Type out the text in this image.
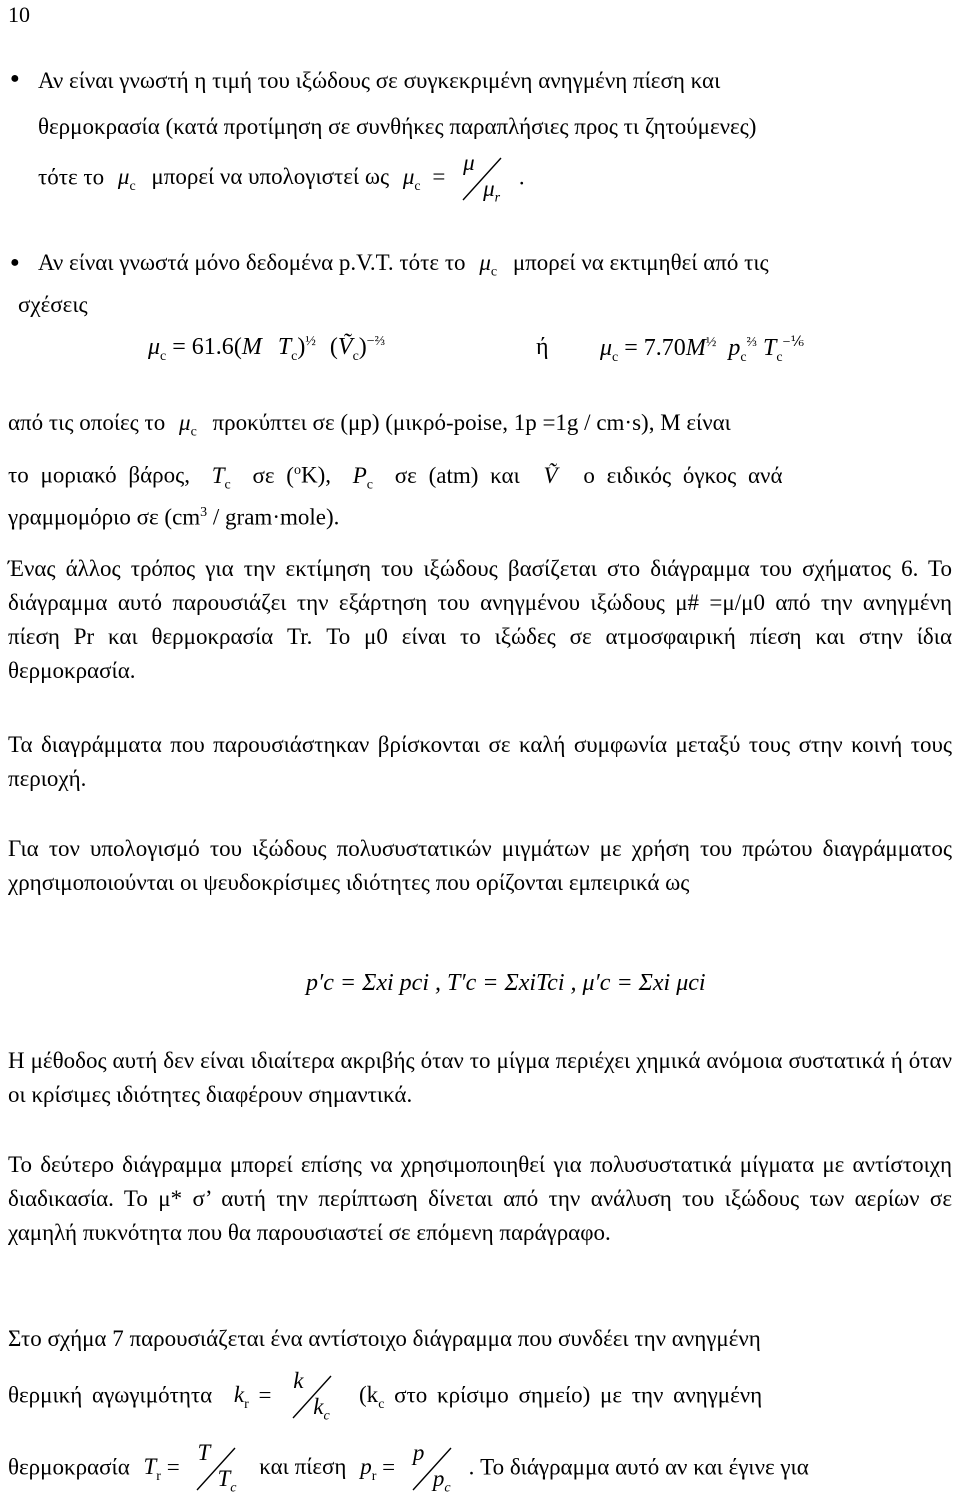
10
● Αν είναι γνωστή η τιμή του ιξώδους σε συγκεκριμένη ανηγμένη πίεση και
θερμοκρασία (κατά προτίμηση σε συνθήκες παραπλήσιες προς τι ζητούμενες)
τότε το $\mu_c$ μπορεί να υπολογιστεί ως $\mu_c$ =
μ
$\mu_r$
.
● Αν είναι γνωστά μόνο δεδομένα p.V.T. τότε το $\mu_c$ μπορεί να εκτιμηθεί από τις
σχέσεις
$\mu_c = 61.6(M$ $T_c)^{\frac{1}{2}}$ (Ṽ$_c$)$^{-\frac{2}{3}}$	ή $\mu_c = 7.70M^{\frac{1}{2}}$ $p_c^{\frac{2}{3}}$ $T_c^{-\frac{1}{6}}$
από τις οποίες το $\mu_c$ προκύπτει σε (μp) (μικρό-poise, 1p =1g / cm·s), M είναι
το μοριακό βάρος, $T_c$ σε ($^o$K), $P_c$ σε (atm) και Ṽ ο ειδικός όγκος ανά
γραμμομόριο σε ($cm^3$ / gram·mole).
Ένας άλλος τρόπος για την εκτίμηση του ιξώδους βασίζεται στο διάγραμμα του σχήματος 6. Το διάγραμμα αυτό παρουσιάζει την εξάρτηση του ανηγμένου ιξώδους μ# =μ/μ0 από την ανηγμένη πίεση Pr και θερμοκρασία Tr. Το μ0 είναι το ιξώδες σε ατμοσφαιρική πίεση και στην ίδια θερμοκρασία.
Τα διαγράμματα που παρουσιάστηκαν βρίσκονται σε καλή συμφωνία μεταξύ τους στην κοινή τους περιοχή.
Για τον υπολογισμό του ιξώδους πολυσυστατικών μιγμάτων με χρήση του πρώτου διαγράμματος χρησιμοποιούνται οι ψευδοκρίσιμες ιδιότητες που ορίζονται εμπειρικά ως
p′c = Σxi pci , T′c = ΣxiTci , μ′c = Σxi μci
Η μέθοδος αυτή δεν είναι ιδιαίτερα ακριβής όταν το μίγμα περιέχει χημικά ανόμοια συστατικά ή όταν οι κρίσιμες ιδιότητες διαφέρουν σημαντικά.
Το δεύτερο διάγραμμα μπορεί επίσης να χρησιμοποιηθεί για πολυσυστατικά μίγματα με αντίστοιχη διαδικασία. Το μ* σ’ αυτή την περίπτωση δίνεται από την ανάλυση του ιξώδους των αερίων σε χαμηλή πυκνότητα που θα παρουσιαστεί σε επόμενη παράγραφο.
Στο σχήμα 7 παρουσιάζεται ένα αντίστοιχο διάγραμμα που συνδέει την ανηγμένη
θερμική αγωγιμότητα $k_r$ =
k
$k_c$
($k_c$ στο κρίσιμο σημείο) με την ανηγμένη
θερμοκρασία $T_r$ =
T
$T_c$
και πίεση $p_r$ =
p
$p_c$
. Το διάγραμμα αυτό αν και έγινε για
